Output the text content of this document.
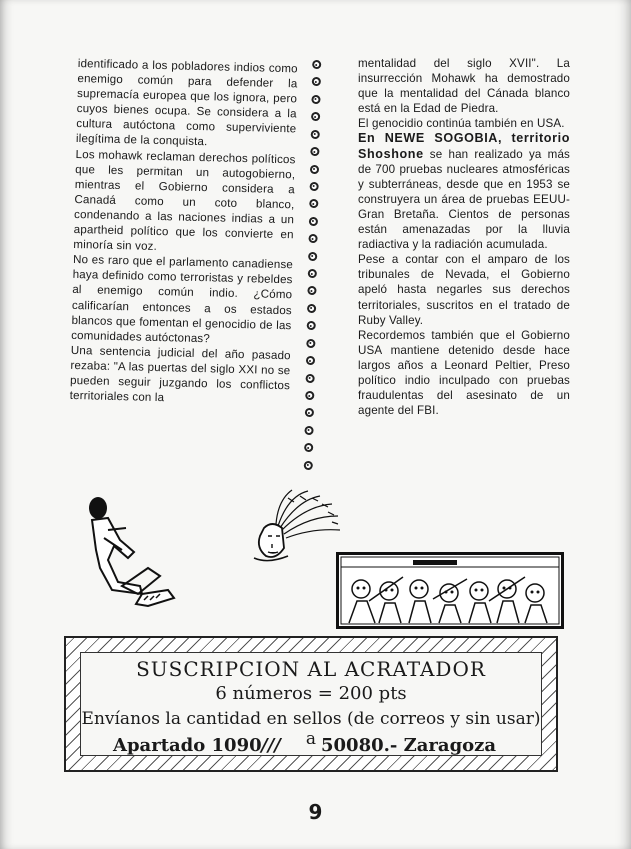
identificado a los pobladores indios como enemigo común para defender la supremacía europea que los ignora, pero cuyos bienes ocupa. Se considera a la cultura autóctona como superviviente ilegítima de la conquista.

Los mohawk reclaman derechos políticos que les permitan un autogobierno, mientras el Gobierno considera a Canadá como un coto blanco, condenando a las naciones indias a un apartheid político que los convierte en minoría sin voz.

No es raro que el parlamento canadiense haya definido como terroristas y rebeldes al enemigo común indio. ¿Cómo calificarían entonces a os estados blancos que fomentan el genocidio de las comunidades autóctonas?

Una sentencia judicial del año pasado rezaba: "A las puertas del siglo XXI no se pueden seguir juzgando los conflictos territoriales con la

mentalidad del siglo XVII". La insurrección Mohawk ha demostrado que la mentalidad del Cánada blanco está en la Edad de Piedra.

El genocidio continúa también en USA.

En NEWE SOGOBIA, territorio Shoshone se han realizado ya más de 700 pruebas nucleares atmosféricas y subterráneas, desde que en 1953 se construyera un área de pruebas EEUU-Gran Bretaña. Cientos de personas están amenazadas por la lluvia radiactiva y la radiación acumulada.

Pese a contar con el amparo de los tribunales de Nevada, el Gobierno apeló hasta negarles sus derechos territoriales, suscritos en el tratado de Ruby Valley.

Recordemos también que el Gobierno USA mantiene detenido desde hace largos años a Leonard Peltier, Preso político indio inculpado con pruebas fraudulentas del asesinato de un agente del FBI.

SUSCRIPCION AL ACRATADOR
6 números = 200 pts
Envíanos la cantidad en sellos (de correos y sin usar) a
Apartado 1090 /// 50080.- Zaragoza
9
